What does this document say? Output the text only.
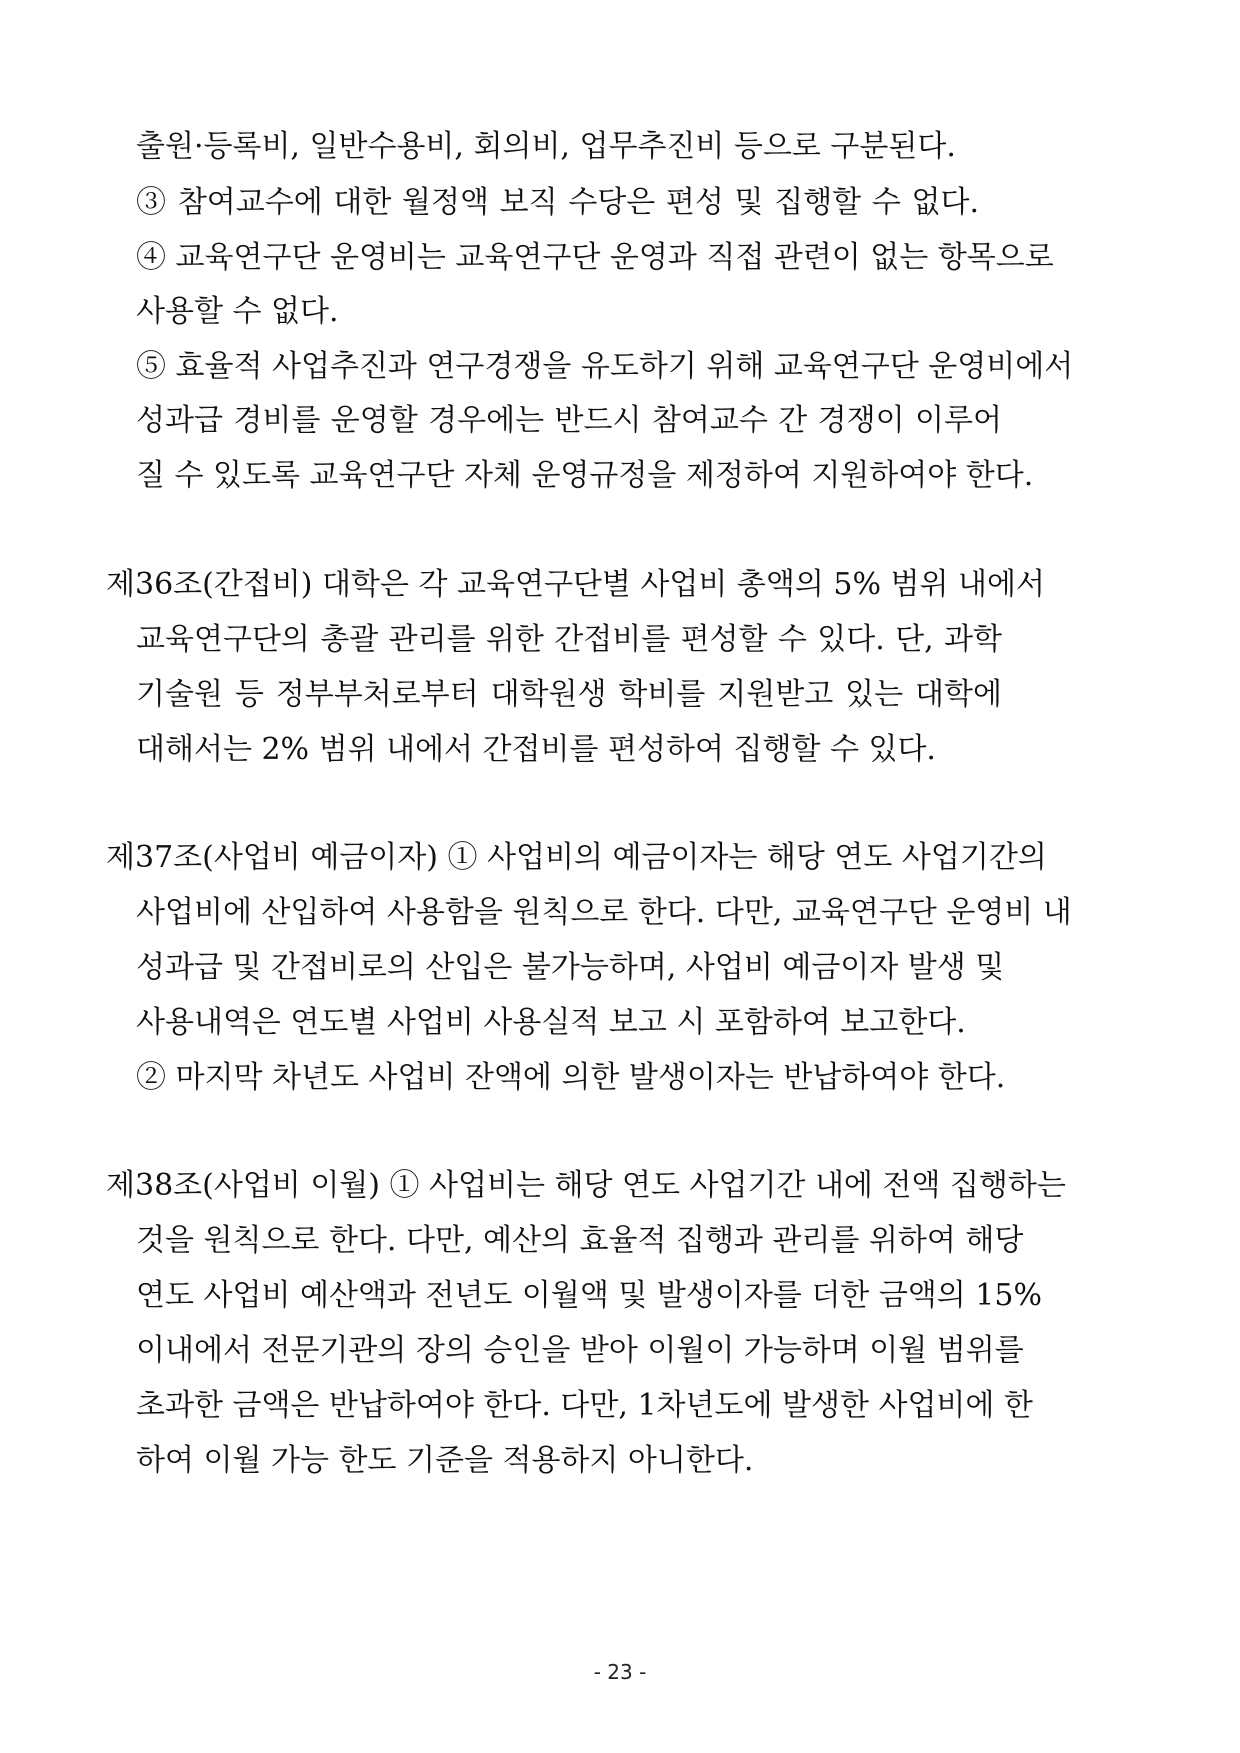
출원·등록비, 일반수용비, 회의비, 업무추진비 등으로 구분된다.
③ 참여교수에 대한 월정액 보직 수당은 편성 및 집행할 수 없다.
④ 교육연구단 운영비는 교육연구단 운영과 직접 관련이 없는 항목으로
사용할 수 없다.
⑤ 효율적 사업추진과 연구경쟁을 유도하기 위해 교육연구단 운영비에서
성과급 경비를 운영할 경우에는 반드시 참여교수 간 경쟁이 이루어
질 수 있도록 교육연구단 자체 운영규정을 제정하여 지원하여야 한다.
제36조(간접비) 대학은 각 교육연구단별 사업비 총액의 5% 범위 내에서
교육연구단의 총괄 관리를 위한 간접비를 편성할 수 있다. 단, 과학
기술원 등 정부부처로부터 대학원생 학비를 지원받고 있는 대학에
대해서는 2% 범위 내에서 간접비를 편성하여 집행할 수 있다.
제37조(사업비 예금이자) ① 사업비의 예금이자는 해당 연도 사업기간의
사업비에 산입하여 사용함을 원칙으로 한다. 다만, 교육연구단 운영비 내
성과급 및 간접비로의 산입은 불가능하며, 사업비 예금이자 발생 및
사용내역은 연도별 사업비 사용실적 보고 시 포함하여 보고한다.
② 마지막 차년도 사업비 잔액에 의한 발생이자는 반납하여야 한다.
제38조(사업비 이월) ① 사업비는 해당 연도 사업기간 내에 전액 집행하는
것을 원칙으로 한다. 다만, 예산의 효율적 집행과 관리를 위하여 해당
연도 사업비 예산액과 전년도 이월액 및 발생이자를 더한 금액의 15%
이내에서 전문기관의 장의 승인을 받아 이월이 가능하며 이월 범위를
초과한 금액은 반납하여야 한다. 다만, 1차년도에 발생한 사업비에 한
하여 이월 가능 한도 기준을 적용하지 아니한다.
- 23 -
